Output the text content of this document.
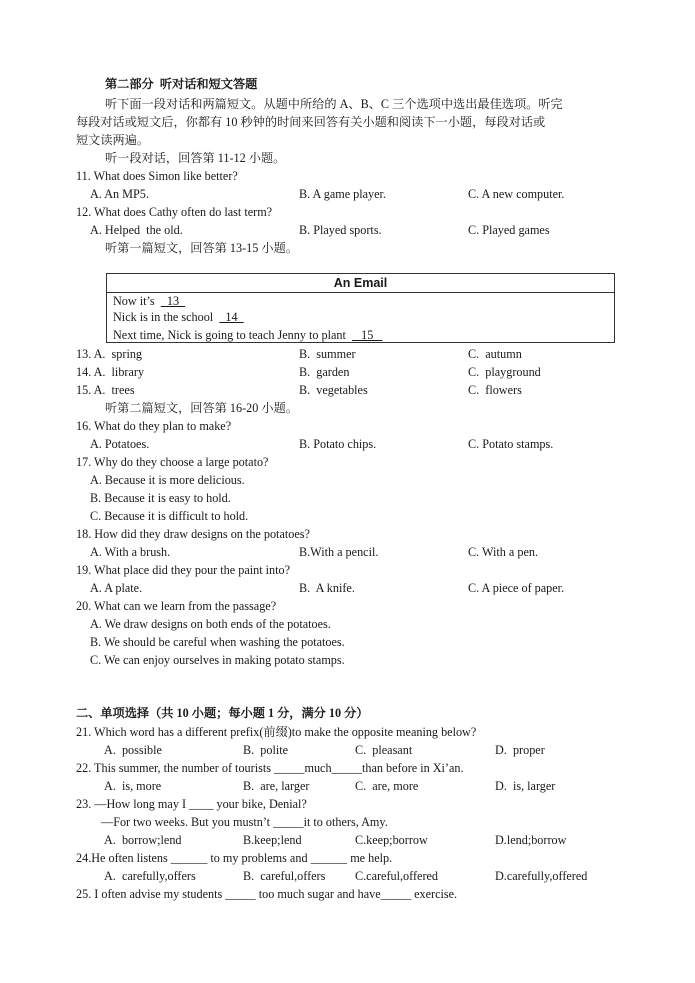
第二部分  听对话和短文答题
听下面一段对话和两篇短文。从题中所给的 A、B、C 三个选项中选出最佳选项。听完
每段对话或短文后，你都有 10 秒钟的时间来回答有关小题和阅读下一小题，每段对话或
短文读两遍。
听一段对话，回答第 11-12 小题。
11. What does Simon like better?
A. An MP5.	B. A game player.	C. A new computer.
12. What does Cathy often do last term?
A. Helped  the old.	B. Played sports.	C. Played games
听第一篇短文，回答第 13-15 小题。
An Email
Now it’s    13
Nick is in the school    14
Next time, Nick is going to teach Jenny to plant     15
13. A.  spring	B.  summer	C.  autumn
14. A.  library	B.  garden	C.  playground
15. A.  trees	B.  vegetables	C.  flowers
听第二篇短文，回答第 16-20 小题。
16. What do they plan to make?
A. Potatoes.	B. Potato chips.	C. Potato stamps.
17. Why do they choose a large potato?
A. Because it is more delicious.
B. Because it is easy to hold.
C. Because it is difficult to hold.
18. How did they draw designs on the potatoes?
A. With a brush.	B.With a pencil.	C. With a pen.
19. What place did they pour the paint into?
A. A plate.	B.  A knife.	C. A piece of paper.
20. What can we learn from the passage?
A. We draw designs on both ends of the potatoes.
B. We should be careful when washing the potatoes.
C. We can enjoy ourselves in making potato stamps.
二、单项选择（共 10 小题；每小题 1 分，满分 10 分）
21. Which word has a different prefix(前缀)to make the opposite meaning below?
A.  possible	B.  polite	C.  pleasant	D.  proper
22. This summer, the number of tourists _____much_____than before in Xi’an.
A.  is, more	B.  are, larger	C.  are, more	D.  is, larger
23. —How long may I ____ your bike, Denial?
—For two weeks. But you mustn’t _____it to others, Amy.
A.  borrow;lend	B.keep;lend	C.keep;borrow	D.lend;borrow
24.He often listens ______ to my problems and ______ me help.
A.  carefully,offers	B.  careful,offers C.careful,offered	D.carefully,offered
25. I often advise my students _____ too much sugar and have_____ exercise.
